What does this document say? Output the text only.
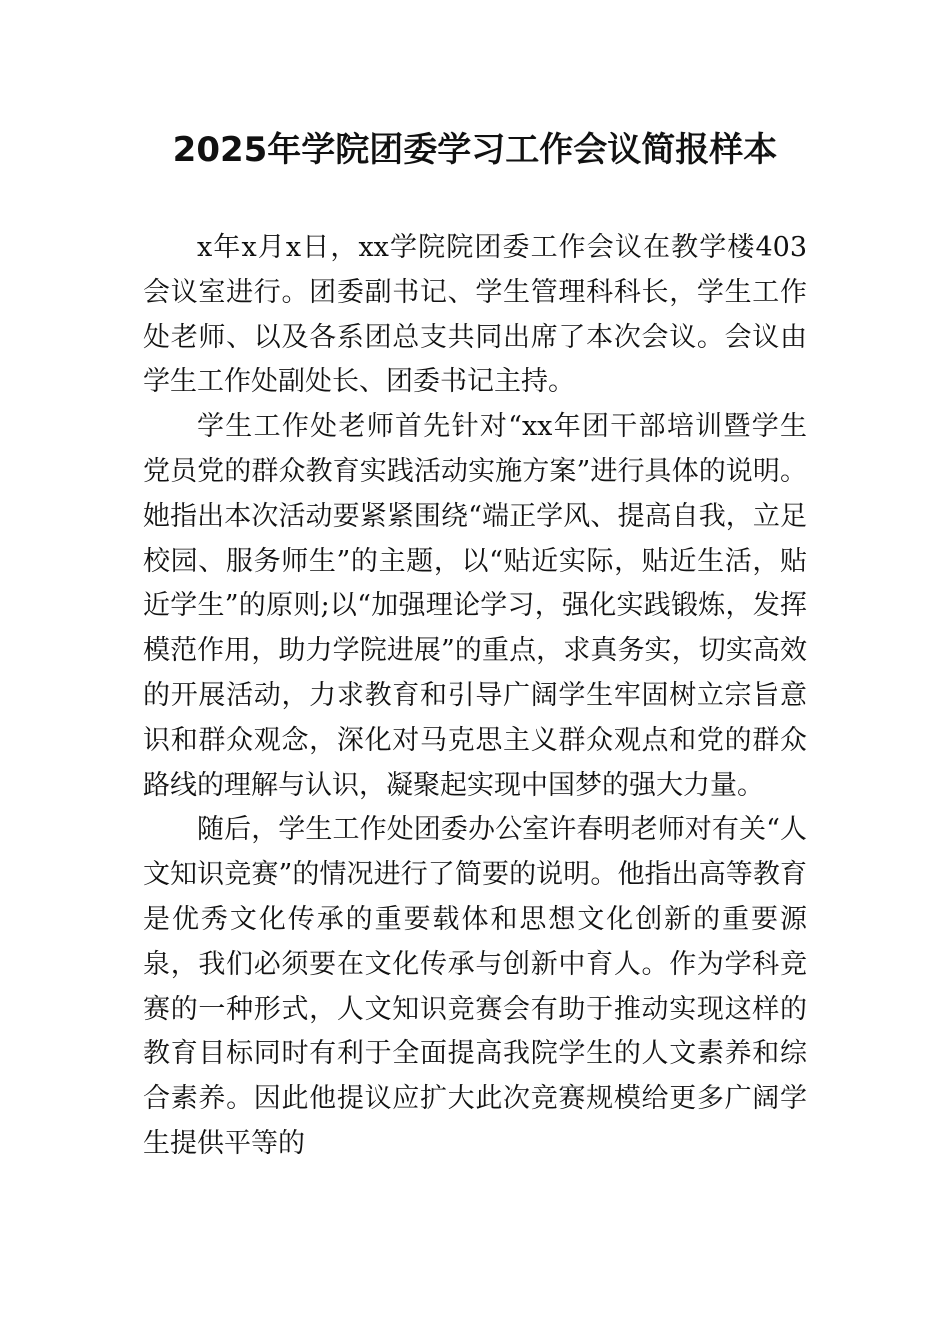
2025年学院团委学习工作会议简报样本

x年x月x日，xx学院院团委工作会议在教学楼403会议室进行。团委副书记、学生管理科科长，学生工作处老师、以及各系团总支共同出席了本次会议。会议由学生工作处副处长、团委书记主持。

学生工作处老师首先针对“xx年团干部培训暨学生党员党的群众教育实践活动实施方案”进行具体的说明。她指出本次活动要紧紧围绕“端正学风、提高自我，立足校园、服务师生”的主题，以“贴近实际，贴近生活，贴近学生”的原则;以“加强理论学习，强化实践锻炼，发挥模范作用，助力学院进展”的重点，求真务实，切实高效的开展活动，力求教育和引导广阔学生牢固树立宗旨意识和群众观念，深化对马克思主义群众观点和党的群众路线的理解与认识，凝聚起实现中国梦的强大力量。

随后，学生工作处团委办公室许春明老师对有关“人文知识竞赛”的情况进行了简要的说明。他指出高等教育是优秀文化传承的重要载体和思想文化创新的重要源泉，我们必须要在文化传承与创新中育人。作为学科竞赛的一种形式，人文知识竞赛会有助于推动实现这样的教育目标同时有利于全面提高我院学生的人文素养和综合素养。因此他提议应扩大此次竞赛规模给更多广阔学生提供平等的
